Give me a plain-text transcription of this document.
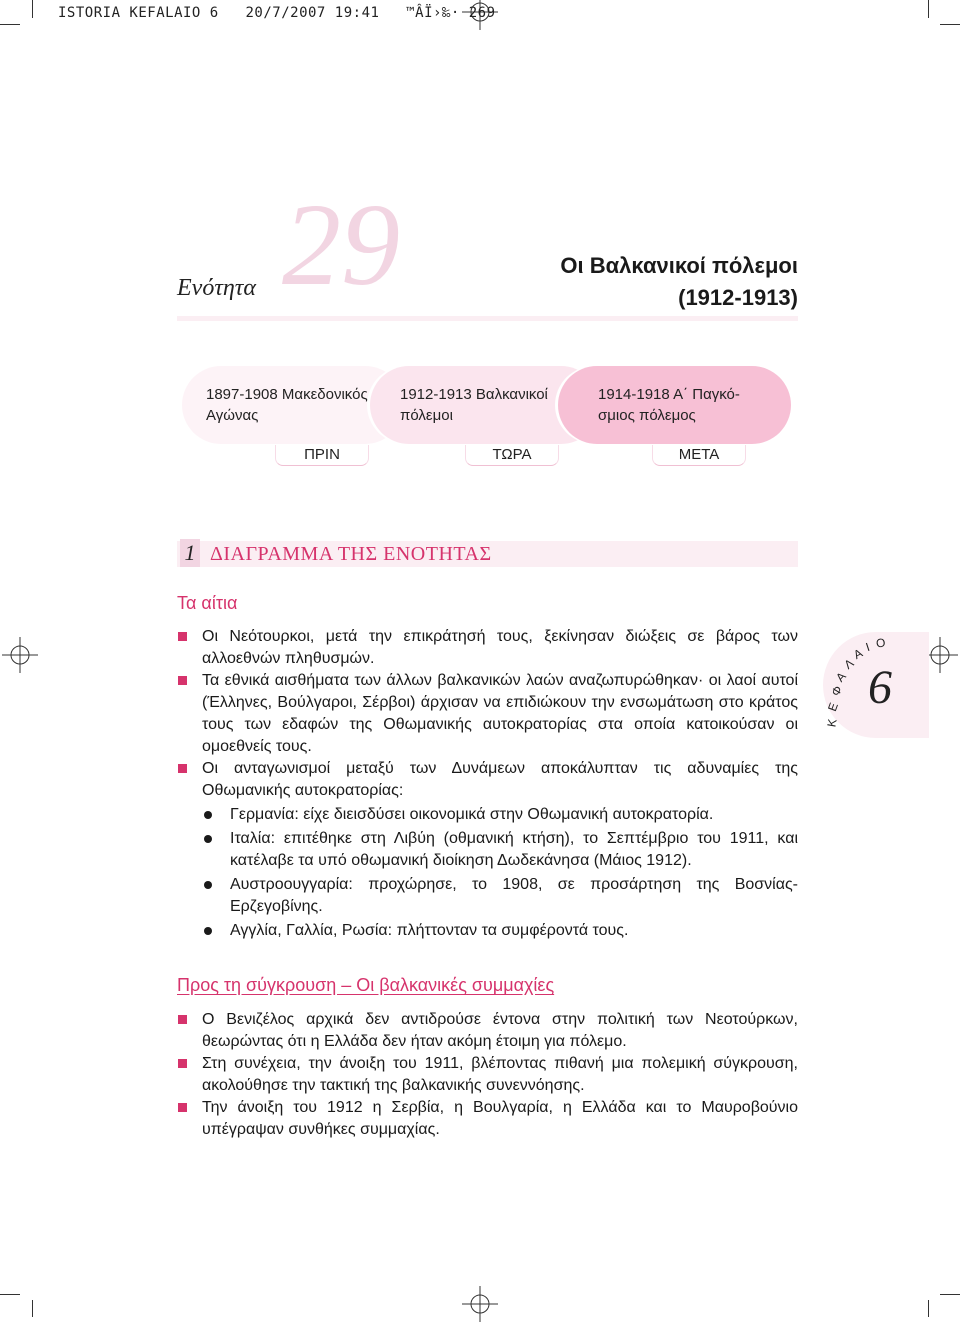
ISTORIA KEFALAIO 6   20/7/2007 19:41   ™ÂÏ›‰· 269
29
Ενότητα
Οι Βαλκανικοί πόλεμοι
(1912-1913)
1897-1908 Μακεδονικός
Αγώνας
1912-1913 Βαλκανικοί
πόλεμοι
1914-1918 Α΄ Παγκό-
σμιος πόλεμος
ΠΡΙΝ	ΤΩΡΑ	ΜΕΤΑ
1 ΔΙΑΓΡΑΜΜΑ ΤΗΣ ΕΝΟΤΗΤΑΣ
Τα αίτια
Οι Νεότουρκοι, μετά την επικράτησή τους, ξεκίνησαν διώξεις σε βάρος των αλλοεθνών πληθυσμών.
Τα εθνικά αισθήματα των άλλων βαλκανικών λαών αναζωπυρώθηκαν· οι λαοί αυτοί (Έλληνες, Βούλγαροι, Σέρβοι) άρχισαν να επιδιώκουν την ενσωμάτωση στο κράτος τους των εδαφών της Οθωμανικής αυτοκρατορίας στα οποία κατοικούσαν οι ομοεθνείς τους.
Οι ανταγωνισμοί μεταξύ των Δυνάμεων αποκάλυπταν τις αδυναμίες της Οθωμανικής αυτοκρατορίας:
Γερμανία: είχε διεισδύσει οικονομικά στην Οθωμανική αυτοκρατορία.
Ιταλία: επιτέθηκε στη Λιβύη (οθμανική κτήση), το Σεπτέμβριο του 1911, και κατέλαβε τα υπό οθωμανική διοίκηση Δωδεκάνησα (Μάιος 1912).
Αυστροουγγαρία: προχώρησε, το 1908, σε προσάρτηση της Βοσνίας-Ερζεγοβίνης.
Αγγλία, Γαλλία, Ρωσία: πλήττονταν τα συμφέροντά τους.
Προς τη σύγκρουση – Οι βαλκανικές συμμαχίες
Ο Βενιζέλος αρχικά δεν αντιδρούσε έντονα στην πολιτική των Νεοτούρκων, θεωρώντας ότι η Ελλάδα δεν ήταν ακόμη έτοιμη για πόλεμο.
Στη συνέχεια, την άνοιξη του 1911, βλέποντας πιθανή μια πολεμική σύγκρουση, ακολούθησε την τακτική της βαλκανικής συνεννόησης.
Την άνοιξη του 1912 η Σερβία, η Βουλγαρία, η Ελλάδα και το Μαυροβούνιο υπέγραψαν συνθήκες συμμαχίας.
6
Κ
Ε
Φ
Α
Λ
Α Ι Ο
